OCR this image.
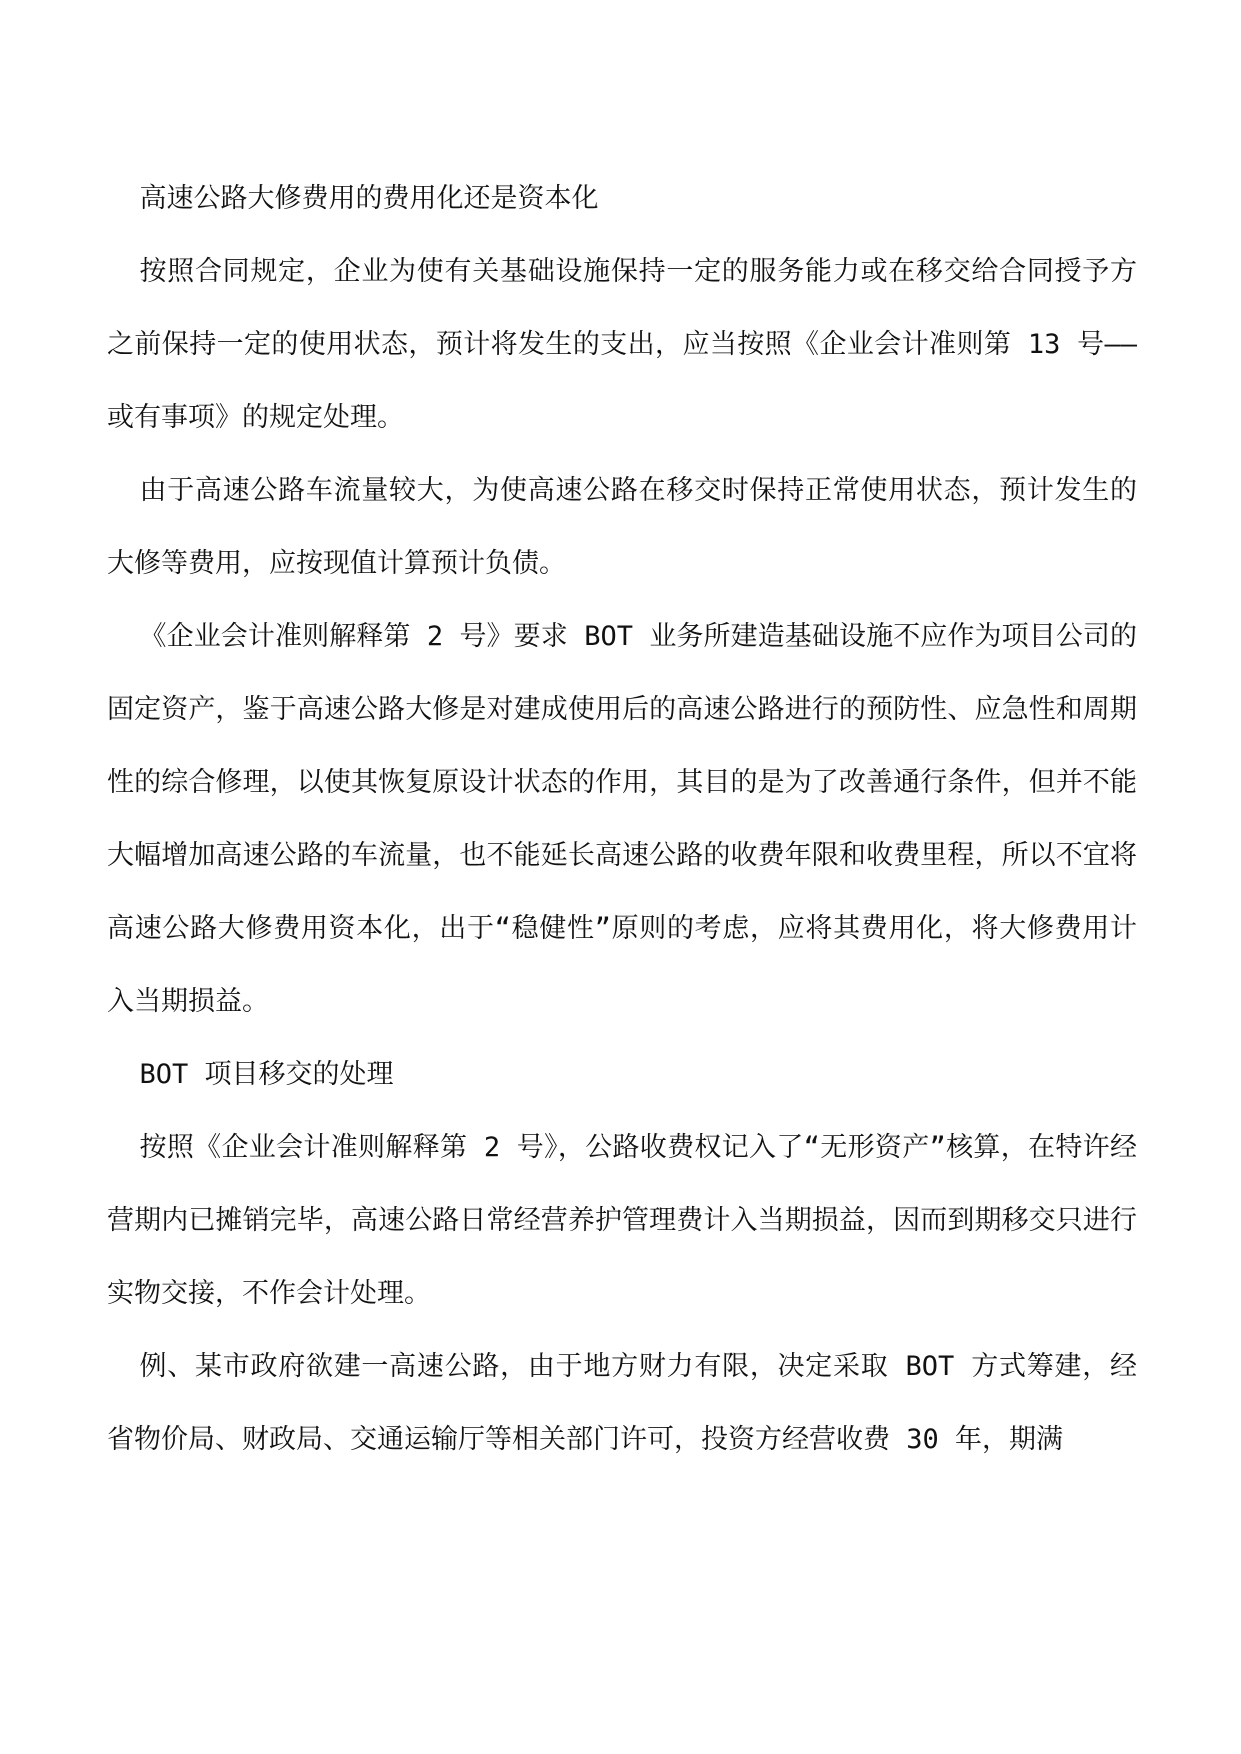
高速公路大修费用的费用化还是资本化

按照合同规定，企业为使有关基础设施保持一定的服务能力或在移交给合同授予方之前保持一定的使用状态，预计将发生的支出，应当按照《企业会计准则第 13 号——或有事项》的规定处理。

由于高速公路车流量较大，为使高速公路在移交时保持正常使用状态，预计发生的大修等费用，应按现值计算预计负债。

《企业会计准则解释第 2 号》要求 BOT 业务所建造基础设施不应作为项目公司的固定资产，鉴于高速公路大修是对建成使用后的高速公路进行的预防性、应急性和周期性的综合修理，以使其恢复原设计状态的作用，其目的是为了改善通行条件，但并不能大幅增加高速公路的车流量，也不能延长高速公路的收费年限和收费里程，所以不宜将高速公路大修费用资本化，出于“稳健性”原则的考虑，应将其费用化，将大修费用计入当期损益。

BOT 项目移交的处理

按照《企业会计准则解释第 2 号》，公路收费权记入了“无形资产”核算，在特许经营期内已摊销完毕，高速公路日常经营养护管理费计入当期损益，因而到期移交只进行实物交接，不作会计处理。

例、某市政府欲建一高速公路，由于地方财力有限，决定采取 BOT 方式筹建，经省物价局、财政局、交通运输厅等相关部门许可，投资方经营收费 30 年，期满
